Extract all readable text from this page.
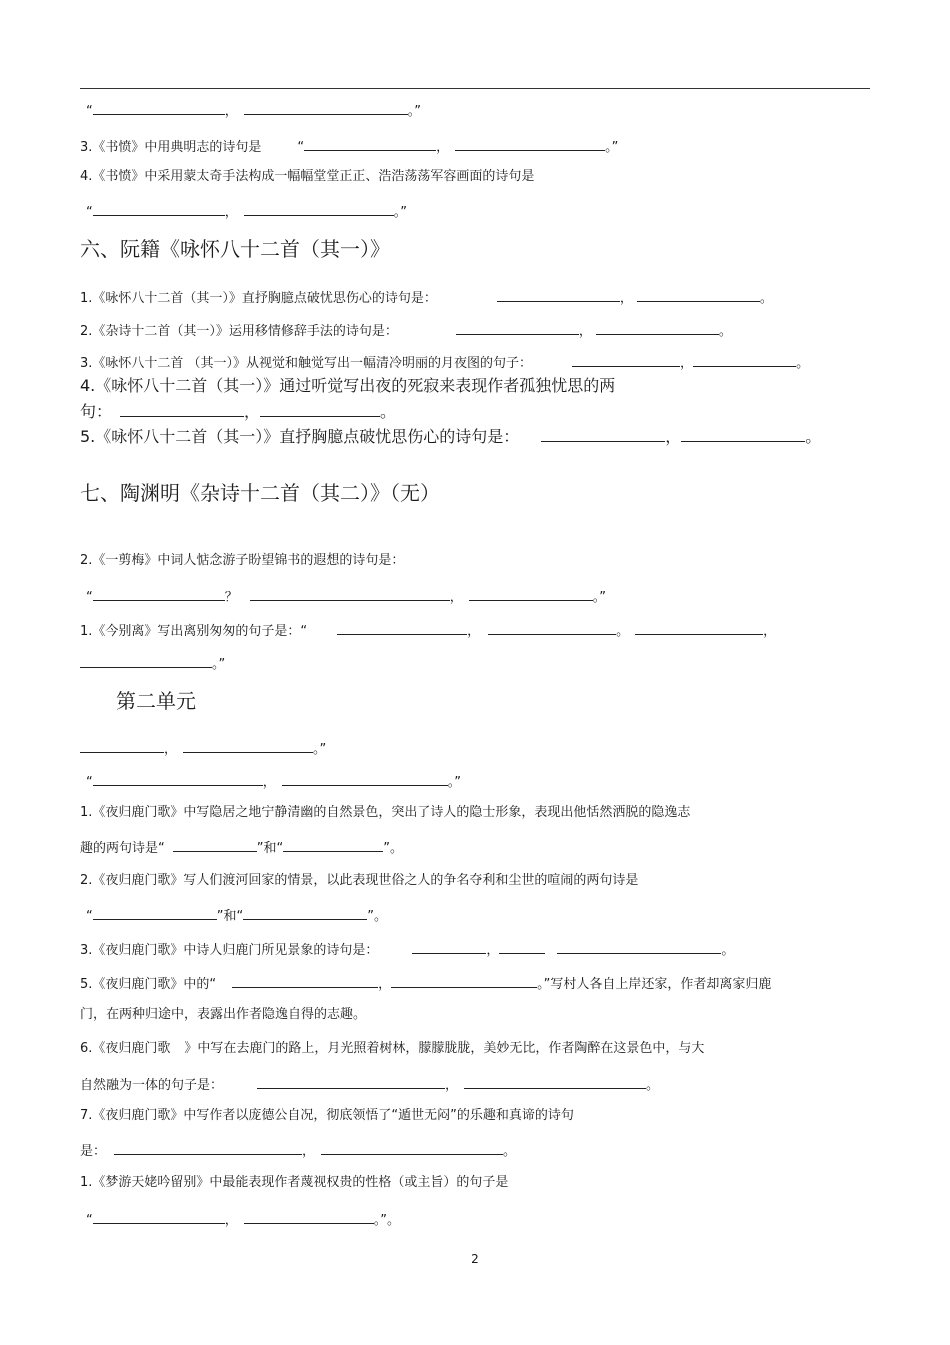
“	，	。”
3.《书愤》中用典明志的诗句是	“	，	。”
4.《书愤》中采用蒙太奇手法构成一幅幅堂堂正正、浩浩荡荡军容画面的诗句是
“	，	。”
六、阮籍《咏怀八十二首（其一）》
1.《咏怀八十二首（其一）》直抒胸臆点破忧思伤心的诗句是：	，	。
2.《杂诗十二首（其一）》运用移情修辞手法的诗句是：	，	。
3.《咏怀八十二首 （其一）》从视觉和触觉写出一幅清冷明丽的月夜图的句子：	，	。
4.《咏怀八十二首（其一）》通过听觉写出夜的死寂来表现作者孤独忧思的两
句：	，	。
5.《咏怀八十二首（其一）》直抒胸臆点破忧思伤心的诗句是：	，	。
七、陶渊明《杂诗十二首（其二）》（无）
2.《一剪梅》中词人惦念游子盼望锦书的遐想的诗句是：
“	？	，	。”
1.《今别离》写出离别匆匆的句子是：“	，	。	，
。”
第二单元
，	。”
“	，	。”
1.《夜归鹿门歌》中写隐居之地宁静清幽的自然景色，突出了诗人的隐士形象，表现出他恬然洒脱的隐逸志
趣的两句诗是“	”和“	”。
2.《夜归鹿门歌》写人们渡河回家的情景，以此表现世俗之人的争名夺利和尘世的喧闹的两句诗是
“	”和“	”。
3.《夜归鹿门歌》中诗人归鹿门所见景象的诗句是：	，	。
5.《夜归鹿门歌》中的“	，	。”写村人各自上岸还家，作者却离家归鹿
门，在两种归途中，表露出作者隐逸自得的志趣。
6.《夜归鹿门歌 》中写在去鹿门的路上，月光照着树林，朦朦胧胧，美妙无比，作者陶醉在这景色中，与大
自然融为一体的句子是：	，	。
7.《夜归鹿门歌》中写作者以庞德公自况，彻底领悟了“遁世无闷”的乐趣和真谛的诗句
是：	，	。
1.《梦游天姥吟留别》中最能表现作者蔑视权贵的性格（或主旨）的句子是
“	，	。”。
2
